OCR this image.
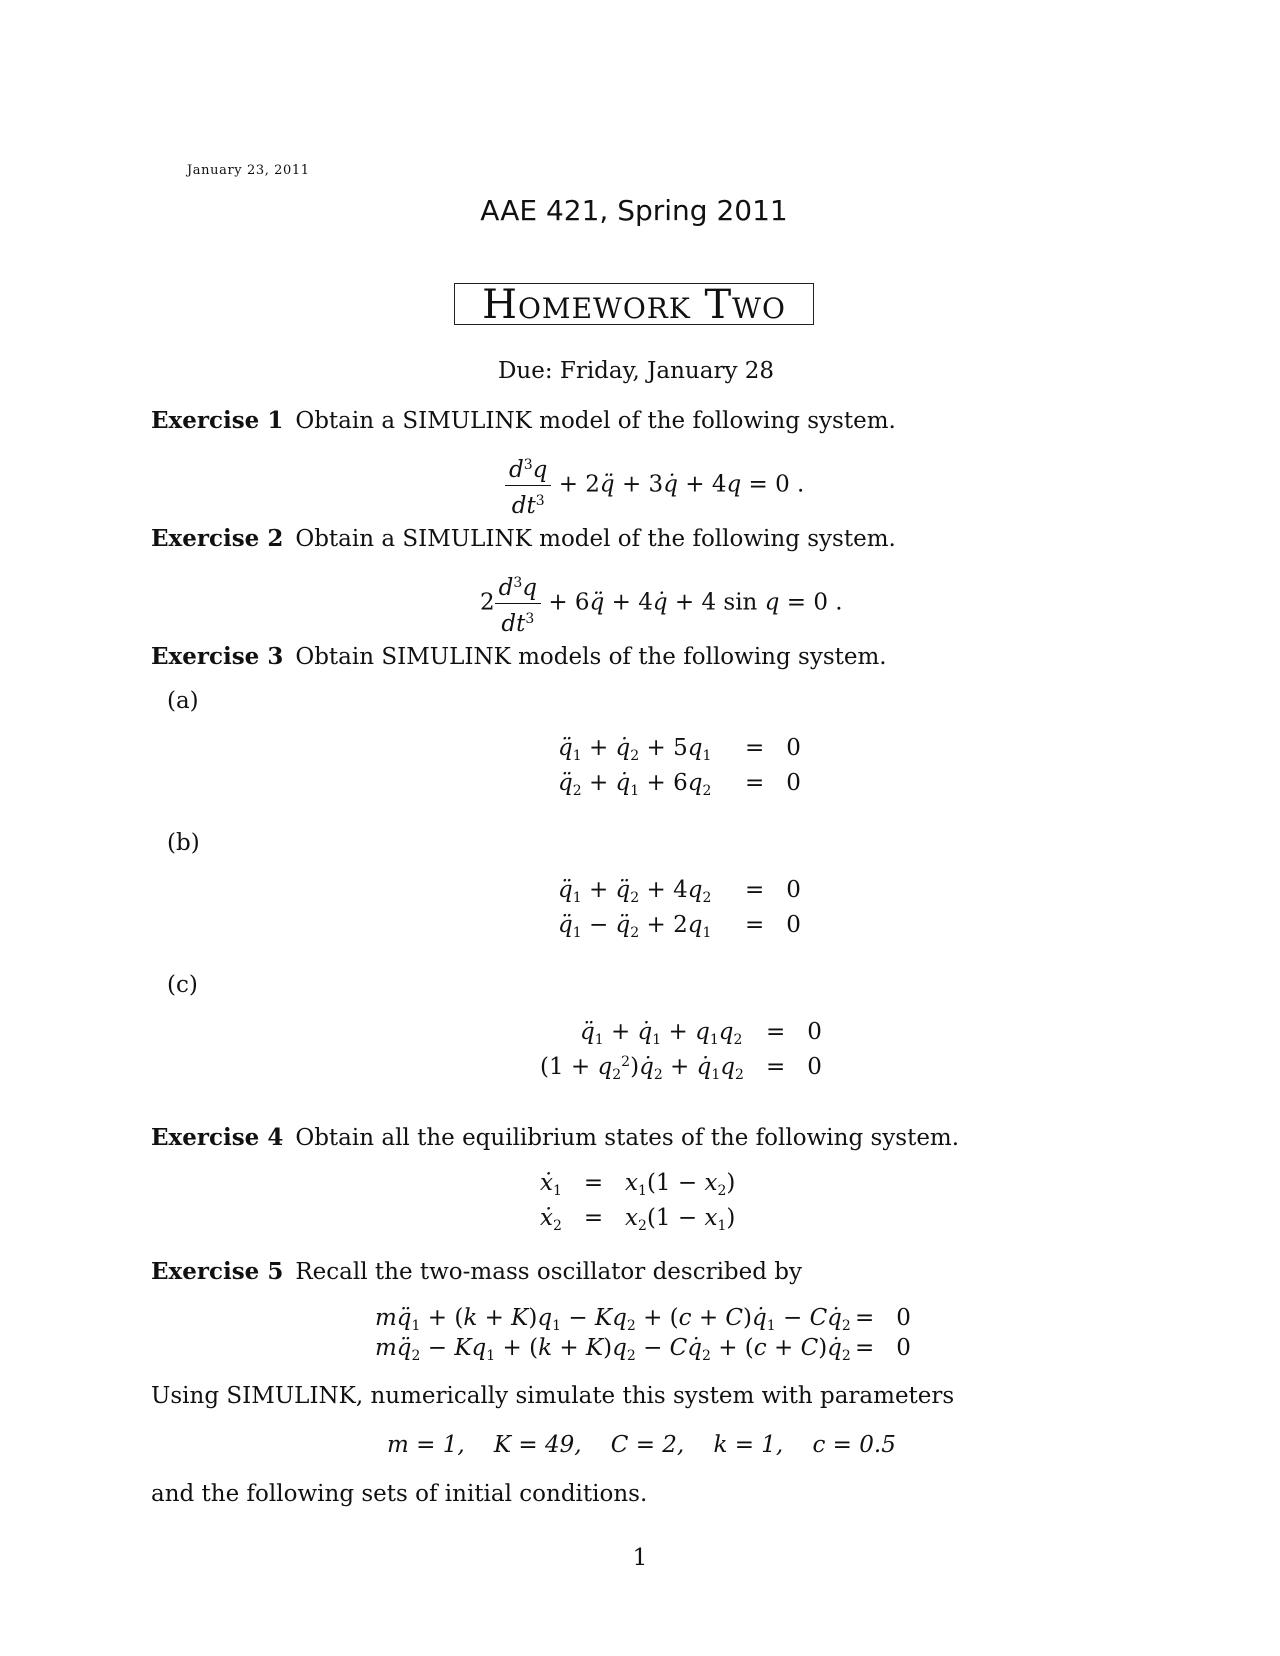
January 23, 2011
AAE 421, Spring 2011
Homework Two
Due: Friday, January 28
Exercise 1 Obtain a SIMULINK model of the following system.
$\frac{d^3q}{dt^3}$ + 2q̈ + 3q̇ + 4q = 0 .
Exercise 2 Obtain a SIMULINK model of the following system.
$2 \frac{d^3q}{dt^3}$ + 6q̈ + 4q̇ + 4 sin q = 0 .
Exercise 3 Obtain SIMULINK models of the following system.
(a)
$q̈_1$ + $q̇_2 + 5q_1 = 0$
$q̈_2$ + $q̇_1 + 6q_2 = 0$
(b)
$q̈_1$ + $q̈_2 + 4q_2 = 0$
$q̈_1$ − $q̈_2 + 2q_1 = 0$
(c)
$q̈_1$ + $q̇_1 + q_1q_2 = 0$
$(1 + q_2^2)q̇_2$ + $q̇_1q_2 = 0$
Exercise 4 Obtain all the equilibrium states of the following system.
ẋ$_1$ =   $x_1(1 - x_2)$
ẋ$_2$ =   $x_2(1 - x_1)$
Exercise 5 Recall the two-mass oscillator described by
$mq̈_1 + (k + K)q_1 - Kq_2 + (c$ + $C)q̇_1$ − $Cq̇_2 = 0$
$mq̈_2 - Kq_1 + (k + K)q_2$ − $Cq̇_2 + (c$ + $C)q̇_2 = 0$
Using SIMULINK, numerically simulate this system with parameters
m = 1,    K = 49,    C = 2,    k = 1,    c = 0.5
and the following sets of initial conditions.
1
